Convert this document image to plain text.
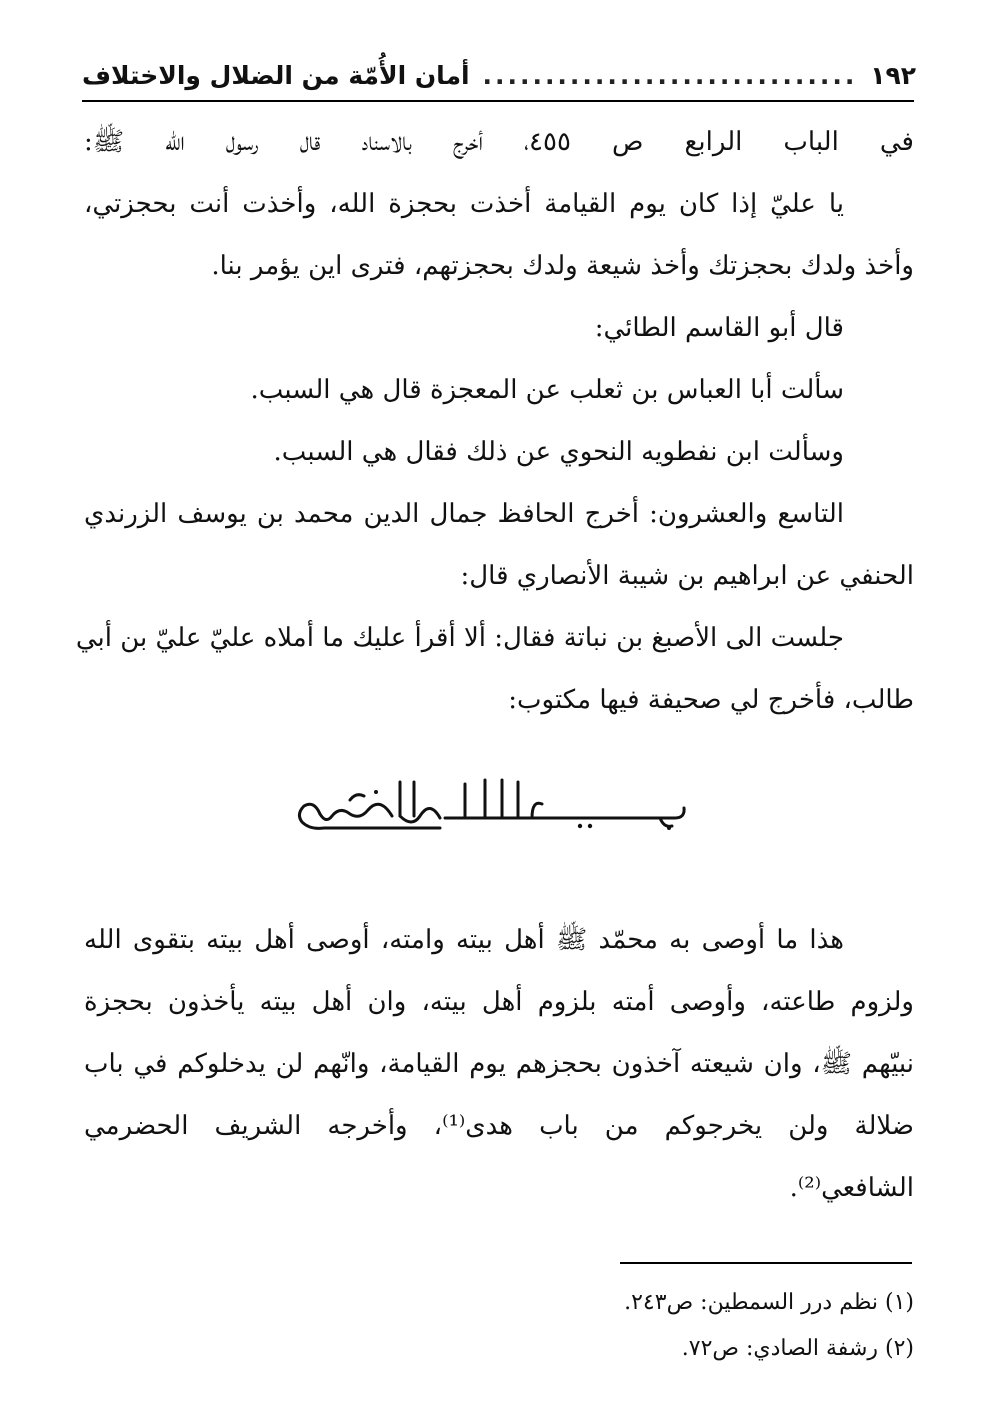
١٩٢
..............................
أمان الأُمّة من الضلال والاختلاف
في الباب الرابع ص ٤٥٥، أخرج بالاسناد قال رسول الله ﷺ:
يا عليّ إذا كان يوم القيامة أخذت بحجزة الله، وأخذت أنت بحجزتي،
وأخذ ولدك بحجزتك وأخذ شيعة ولدك بحجزتهم، فترى اين يؤمر بنا.
قال أبو القاسم الطائي:
سألت أبا العباس بن ثعلب عن المعجزة قال هي السبب.
وسألت ابن نفطويه النحوي عن ذلك فقال هي السبب.
التاسع والعشرون: أخرج الحافظ جمال الدين محمد بن يوسف الزرندي
الحنفي عن ابراهيم بن شيبة الأنصاري قال:
جلست الى الأصبغ بن نباتة فقال: ألا أقرأ عليك ما أملاه عليّ عليّ بن أبي
طالب، فأخرج لي صحيفة فيها مكتوب:
هذا ما أوصى به محمّد ﷺ أهل بيته وامته، أوصى أهل بيته بتقوى الله
ولزوم طاعته، وأوصى أمته بلزوم أهل بيته، وان أهل بيته يأخذون بحجزة
نبيّهم ﷺ، وان شيعته آخذون بحجزهم يوم القيامة، وانّهم لن يدخلوكم في باب
ضلالة ولن يخرجوكم من باب هدى⁽¹⁾، وأخرجه الشريف الحضرمي
الشافعي⁽²⁾.
(١) نظم درر السمطين: ص٢٤٣.
(٢) رشفة الصادي: ص٧٢.
